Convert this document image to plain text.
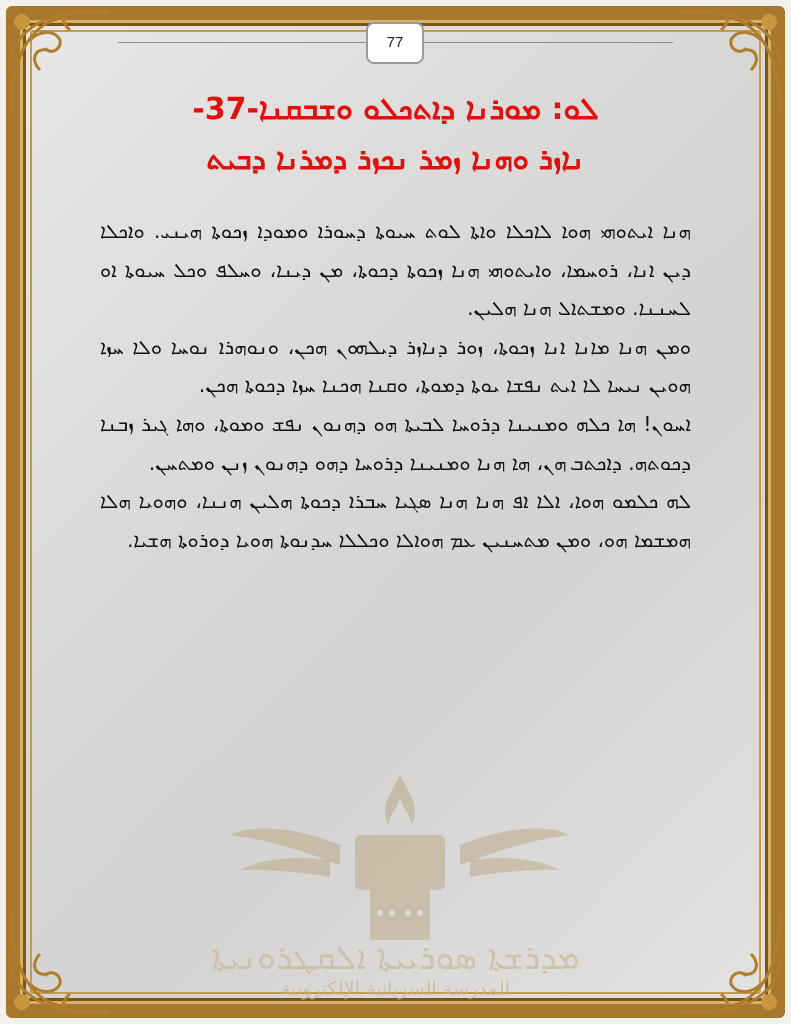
77
ܠܘ: ܡܘܪܢܐ ܕܐܬܟܠܘ ܘܫܒܩܢܐ-37-
ܢܐܙܪ ܘܗܢܐ ܙܡܪ ܢܟܙܪ ܕܡܪܢܐ ܕܒܝܬ

ܗܢܐ ܐܝܬܘܗܝ ܗܘܐ ܠܐܟܠܐ ܘܐܬܐ ܠܘܬ ܚܝܘܬܐ ܕܚܘܪܐ ܘܡܘܕܐ ܙܟܘܬܐ ܗܝܢܝ. ܘܐܟܠܐ ܕܝܢ ܐܢܐ، ܪܘܚܡܐ، ܘܐܝܬܘܗܝ ܗܢܐ ܙܟܘܬܐ ܕܟܘܬܐ، ܡܢ ܕܝܢܐ، ܘܚܠܦ ܘܟܠ ܚܝܘܬܐ ܐܘ ܠܚܢܢܐ. ܘܡܫܬܐܠ ܗܢܐ ܗܠܝܢ.

ܘܡܢ ܗܢܐ ܡܐܢܐ ܐܢܐ ܙܟܘܬܐ، ܙܘܪ ܕܢܐܙܪ ܕܝܠܗܘܢ ܗܟܢ، ܘܢܘܗܪܐ ܢܘܚܐ ܘܠܐ ܚܙܐ ܗܘܝܢ ܢܝܚܐ ܠܐ ܐܝܬ ܢܦܫܐ ܝܘܬܐ ܕܡܘܬܐ، ܘܩܢܐ ܗܟܢܐ ܚܙܐ ܕܟܘܬܐ ܗܟܢ.

ܐܚܘܢ! ܗܐ ܟܠܗ ܘܡܢܝܢܐ ܕܪܘܚܐ ܠܒܝܬܐ ܗܘ ܕܗܢܘܢ ܢܦܫ ܘܡܘܬܐ، ܘܗܐ ܓܝܪ ܙܒܢܐ ܕܟܘܬܗ. ܕܐܟܬܒ ܗܢ، ܗܐ ܗܢܐ ܘܡܢܝܢܐ ܕܪܘܚܐ ܕܗܘ ܕܗܢܘܢ ܙܢܢ ܘܡܬܚܢ.

ܠܗ ܟܠܡܘ ܗܘܐ، ܐܠܐ ܐܦ ܗܢܐ ܗܢܐ ܣܓܝܐ ܚܒܪܐ ܕܟܘܬܐ ܗܠܝܢ ܗܢܢܐ، ܘܗܘܝܐ ܗܠܐ ܗܡܫܡܐ ܗܘ، ܘܡܢ ܡܬܚܢܝܢ ܥܡ ܗܘܐܠܐ ܘܟܠܠܐ ܚܕܢܘܬܐ ܗܘܝܐ ܕܘܪܘܬܐ ܗܫܝܐ.

ܡܕܪܫܬܐ ܣܘܪܝܝܬܐ ܐܠܩܛܪܘܢܝܬܐ
المدرسة السريانية الإلكترونية
